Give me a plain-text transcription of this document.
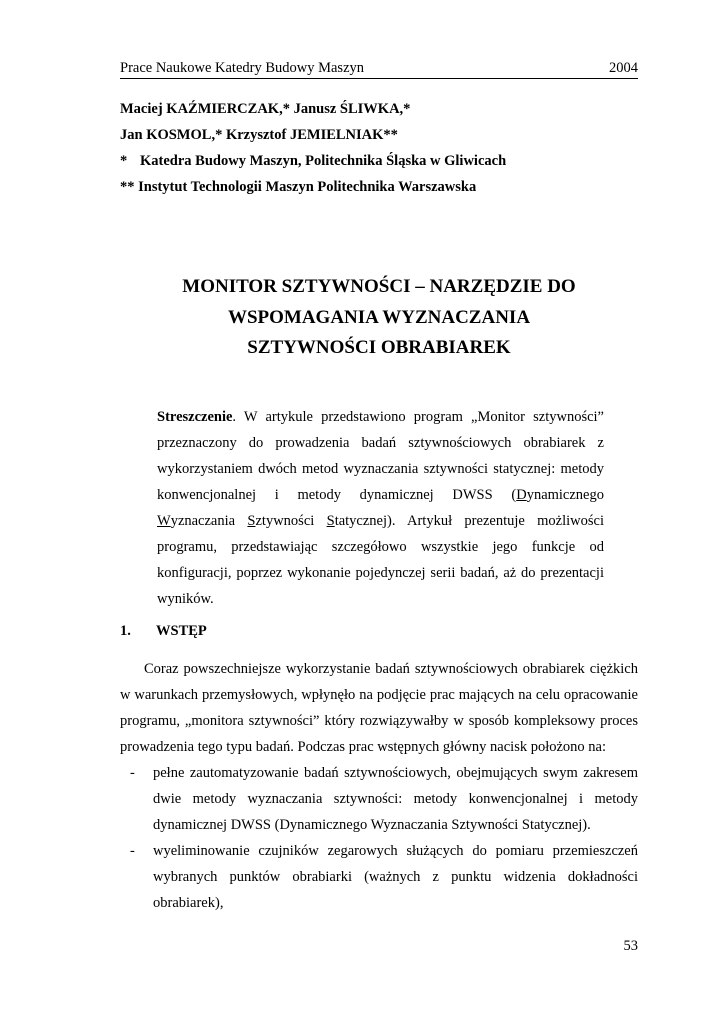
Prace Naukowe Katedry Budowy Maszyn	2004
Maciej KAŹMIERCZAK,* Janusz ŚLIWKA,*
Jan KOSMOL,* Krzysztof JEMIELNIAK**
* Katedra Budowy Maszyn, Politechnika Śląska w Gliwicach
** Instytut Technologii Maszyn Politechnika Warszawska
MONITOR SZTYWNOŚCI – NARZĘDZIE DO
WSPOMAGANIA WYZNACZANIA
SZTYWNOŚCI OBRABIAREK

Streszczenie. W artykule przedstawiono program „Monitor sztywności” przeznaczony do prowadzenia badań sztywnościowych obrabiarek z wykorzystaniem dwóch metod wyznaczania sztywności statycznej: metody konwencjonalnej i metody dynamicznej DWSS (Dynamicznego Wyznaczania Sztywności Statycznej). Artykuł prezentuje możliwości programu, przedstawiając szczegółowo wszystkie jego funkcje od konfiguracji, poprzez wykonanie pojedynczej serii badań, aż do prezentacji wyników.

1. WSTĘP

Coraz powszechniejsze wykorzystanie badań sztywnościowych obrabiarek ciężkich w warunkach przemysłowych, wpłynęło na podjęcie prac mających na celu opracowanie programu, „monitora sztywności” który rozwiązywałby w sposób kompleksowy proces prowadzenia tego typu badań. Podczas prac wstępnych główny nacisk położono na:

- pełne zautomatyzowanie badań sztywnościowych, obejmujących swym zakresem dwie metody wyznaczania sztywności: metody konwencjonalnej i metody dynamicznej DWSS (Dynamicznego Wyznaczania Sztywności Statycznej).
- wyeliminowanie czujników zegarowych służących do pomiaru przemieszczeń wybranych punktów obrabiarki (ważnych z punktu widzenia dokładności obrabiarek),
53
